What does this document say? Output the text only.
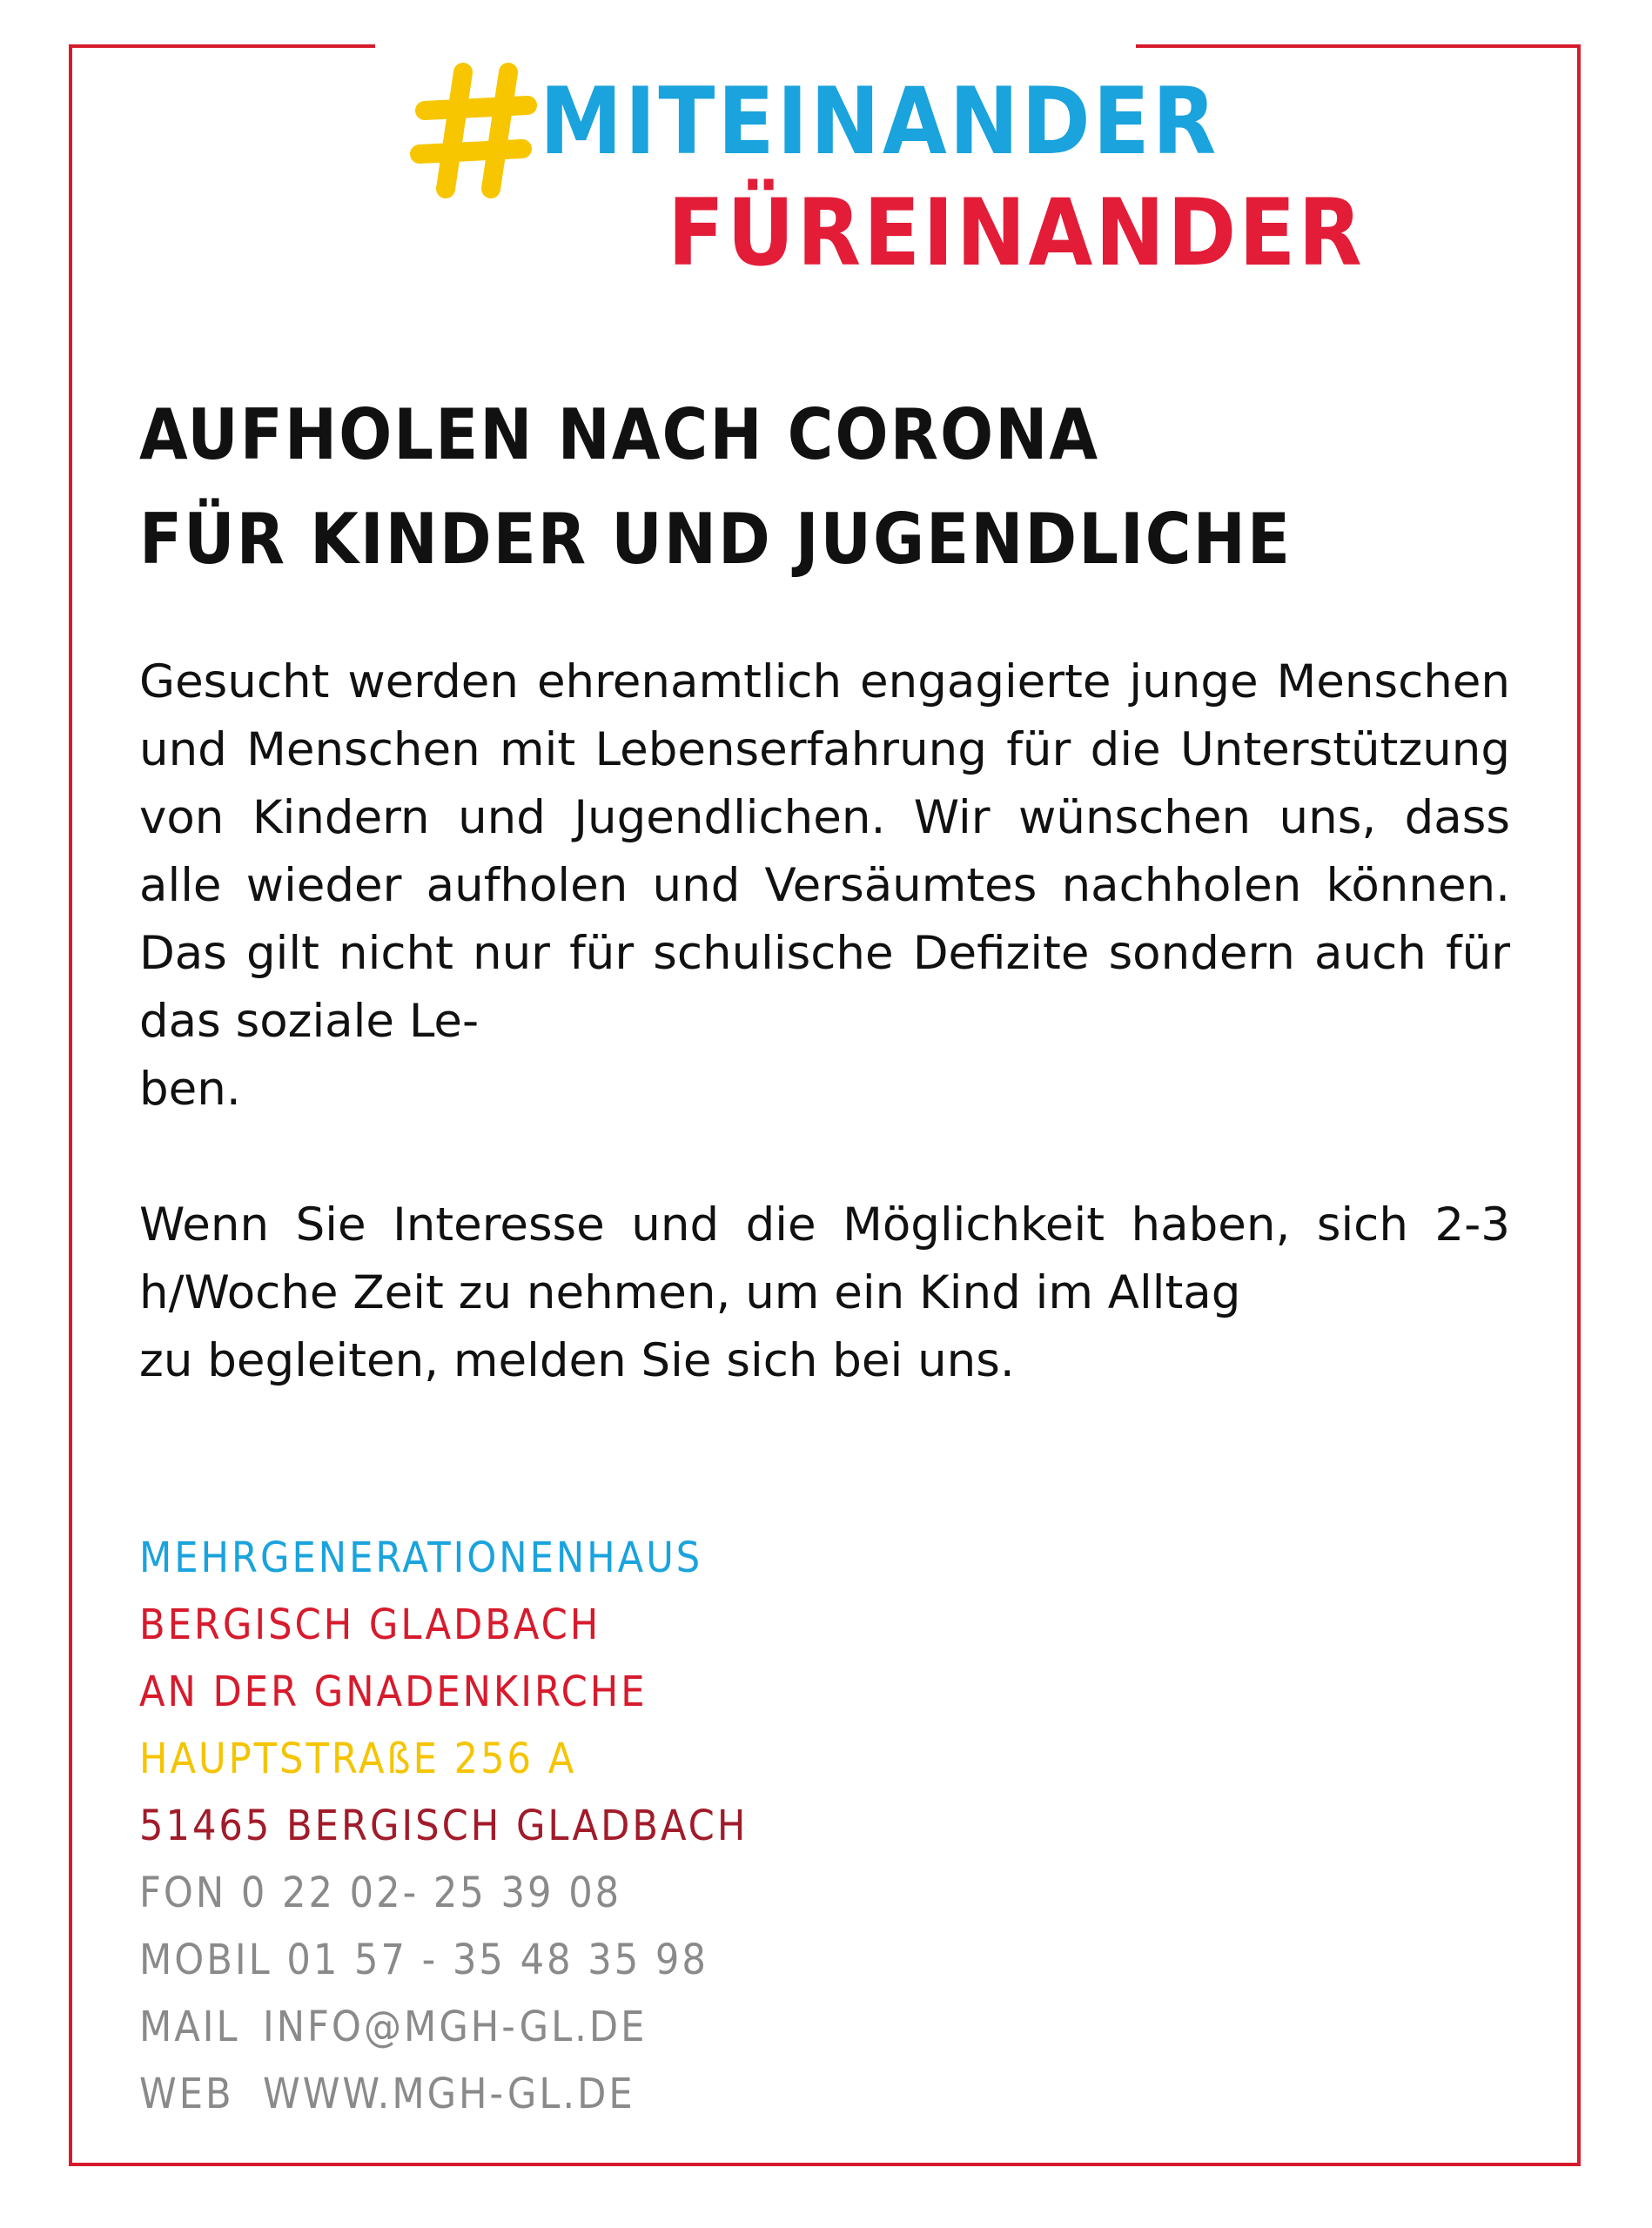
MITEINANDER
FÜREINANDER
AUFHOLEN NACH CORONA
FÜR KINDER UND JUGENDLICHE

Gesucht werden ehrenamtlich engagierte junge Menschen und Menschen mit Lebenserfahrung für die Unterstützung von Kindern und Jugendlichen. Wir wünschen uns, dass alle wieder aufholen und Versäumtes nachholen können. Das gilt nicht nur für schulische Defizite sondern auch für das soziale Le-
ben.

Wenn Sie Interesse und die Möglichkeit haben, sich 2-3 h/Woche Zeit zu nehmen, um ein Kind im Alltag
zu begleiten, melden Sie sich bei uns.

MEHRGENERATIONENHAUS
BERGISCH GLADBACH
AN DER GNADENKIRCHE
HAUPTSTRAßE 256 A
51465 BERGISCH GLADBACH
FON 0 22 02- 25 39 08
MOBIL 01 57 - 35 48 35 98
MAIL INFO@MGH-GL.DE
WEB WWW.MGH-GL.DE
